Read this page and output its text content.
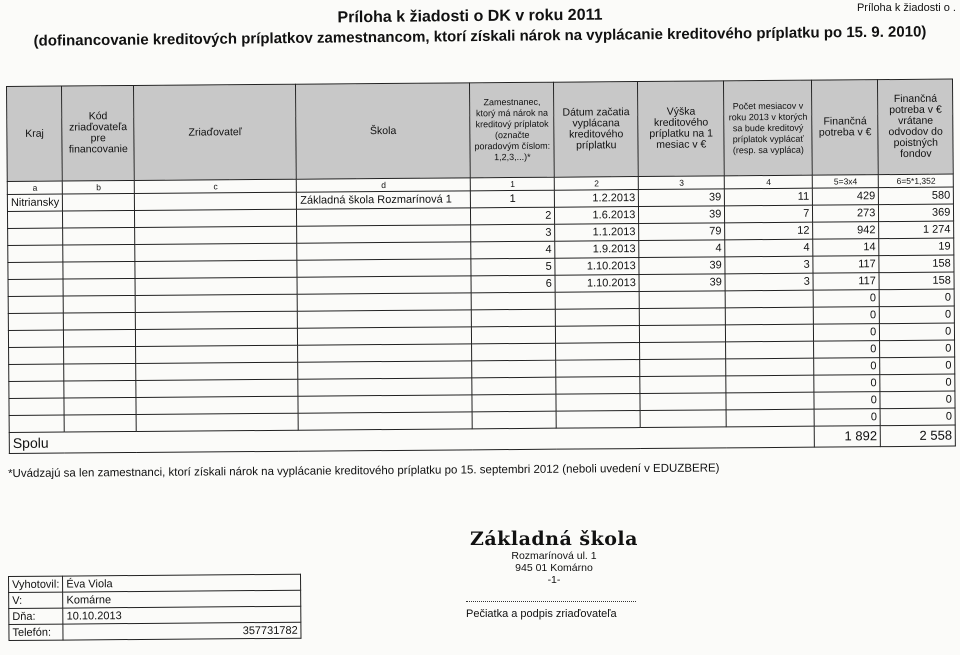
Príloha k žiadosti o .
Príloha k žiadosti o DK v roku 2011
(dofinancovanie kreditových príplatkov zamestnancom, ktorí získali nárok na vyplácanie kreditového príplatku po 15. 9. 2010)
Kraj	Kód zriaďovateľa pre financovanie	Zriaďovateľ	Škola	Zamestnanec, ktorý má nárok na kreditový príplatok (označte poradovým číslom: 1,2,3,...)*	Dátum začatia vyplácana kreditového príplatku	Výška kreditového príplatku na 1 mesiac v €	Počet mesiacov v roku 2013 v ktorých sa bude kreditový príplatok vyplácať (resp. sa vypláca)	Finančná potreba v €	Finančná potreba v € vrátane odvodov do poistných fondov
a	b	c	d	1	2	3	4	5=3x4	6=5*1,352
Nitriansky			Základná škola Rozmarínová 1	1	1.2.2013	39	11	429	580
				2	1.6.2013	39	7	273	369
				3	1.1.2013	79	12	942	1 274
				4	1.9.2013	4	4	14	19
				5	1.10.2013	39	3	117	158
				6	1.10.2013	39	3	117	158
								0	0
								0	0
								0	0
								0	0
								0	0
								0	0
								0	0
								0	0
Spolu								1 892	2 558
*Uvádzajú sa len zamestnanci, ktorí získali nárok na vyplácanie kreditového príplatku po 15. septembri 2012 (neboli uvedení v EDUZBERE)
Základná škola
Rozmarínová ul. 1
945 01 Komárno
-1-
Pečiatka a podpis zriaďovateľa
Vyhotovil:	Éva Viola
V:	Komárne
Dňa:	10.10.2013
Telefón:	357731782
